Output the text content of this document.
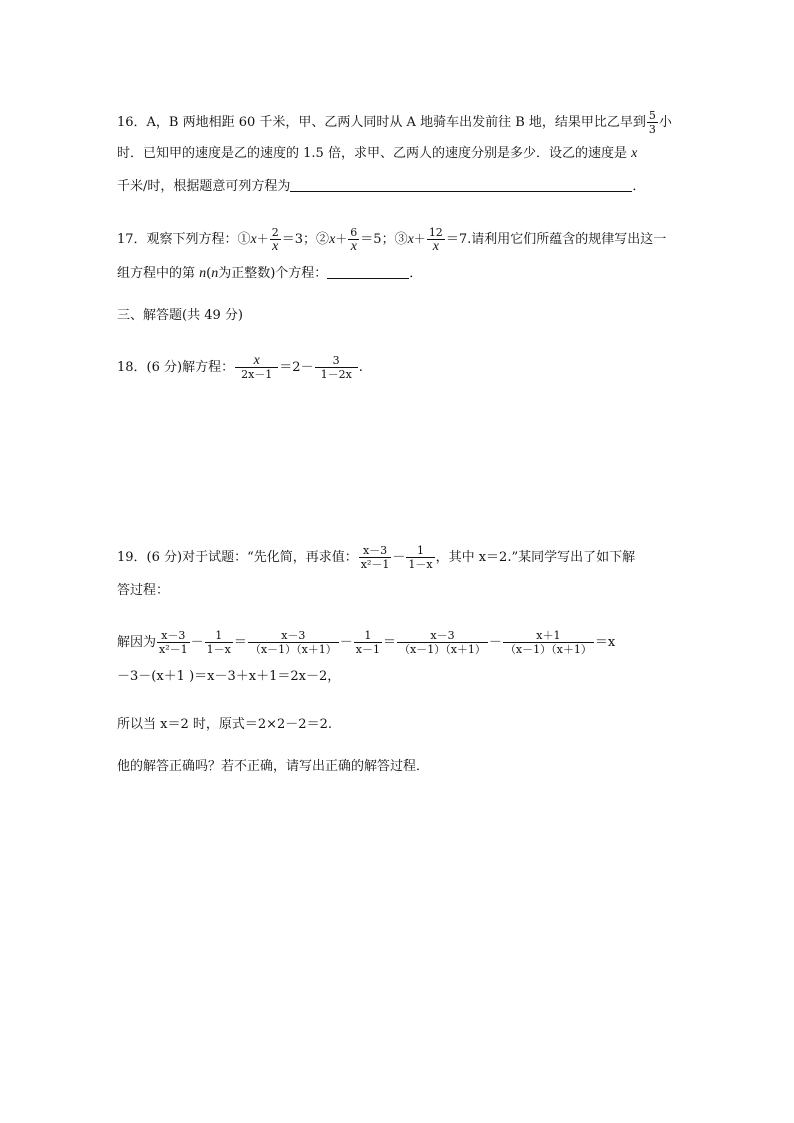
16．A，B 两地相距 60 千米，甲、乙两人同时从 A 地骑车出发前往 B 地，结果甲比乙早到 $\frac{5}{3}$ 小
时．已知甲的速度是乙的速度的 1.5 倍，求甲、乙两人的速度分别是多少．设乙的速度是 x
千米/时，根据题意可列方程为	．
17．观察下列方程：①x＋ $\frac{2}{x} =3$；②x＋ $\frac{6}{x} =5$；③x＋ $\frac{12}{x} =7$.请利用它们所蕴含的规律写出这一
组方程中的第 n(n为正整数)个方程：	．
三、解答题(共 49 分)
18．(6 分)解方程： $\frac{x}{2x-1} =2- \frac{3}{1-2x}$ .
19．(6 分)对于试题：“先化简，再求值： $\frac{x-3}{\text{x²－1}} - \frac{1}{1-x}$ ，其中 x＝2.”某同学写出了如下解
答过程：
解因为 $\frac{x-3}{\text{x²－1}} - \frac{1}{1-x} = \frac{x-3}{(x-1)(x+1)} - \frac{1}{x-1} = \frac{x-3}{(x-1)(x+1)} - \frac{x+1}{(x-1)(x+1)} =x$
－3－(x＋1 )＝x－3＋x＋1＝2x－2，
所以当 x＝2 时，原式＝2×2－2＝2.
他的解答正确吗？若不正确，请写出正确的解答过程．
